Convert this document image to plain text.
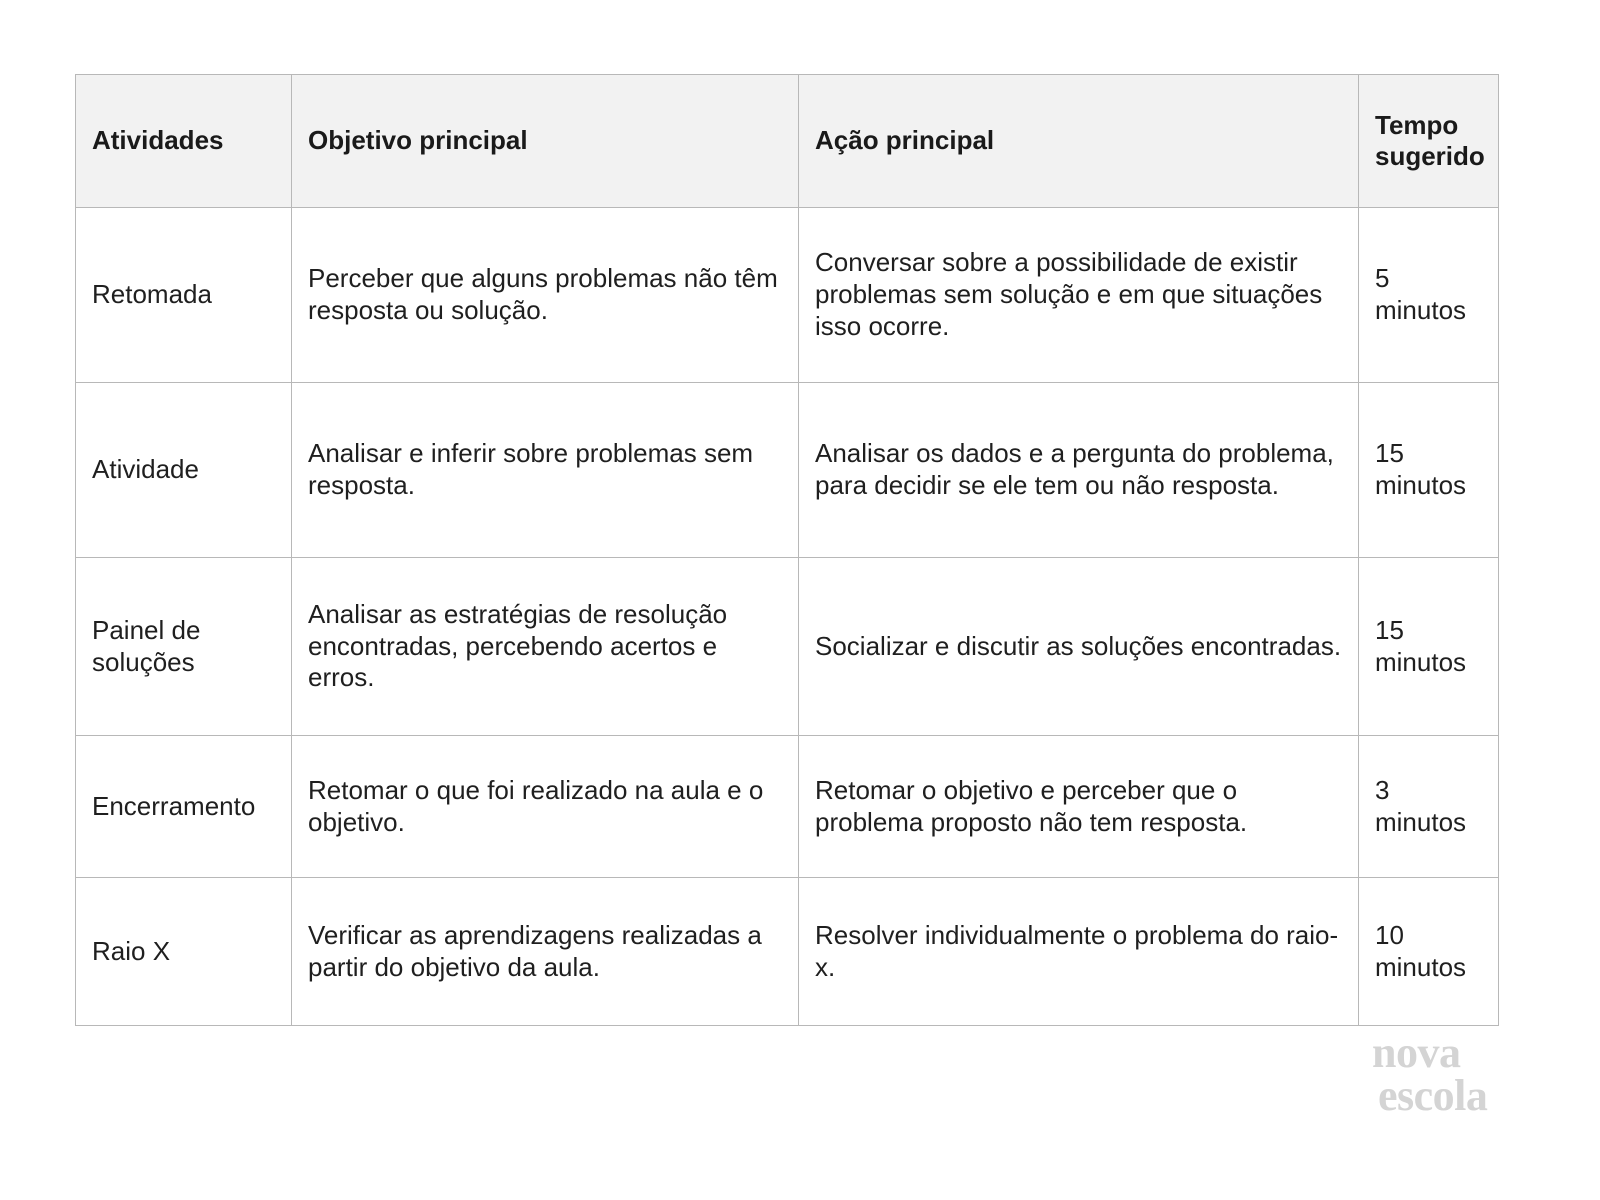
Atividades	Objetivo principal	Ação principal	Tempo sugerido
Retomada	Perceber que alguns problemas não têm resposta ou solução.	Conversar sobre a possibilidade de existir problemas sem solução e em que situações isso ocorre.	5 minutos
Atividade	Analisar e inferir sobre problemas sem resposta.	Analisar os dados e a pergunta do problema, para decidir se ele tem ou não resposta.	15 minutos
Painel de soluções	Analisar as estratégias de resolução encontradas, percebendo acertos e erros.	Socializar e discutir as soluções encontradas.	15 minutos
Encerramento	Retomar o que foi realizado na aula e o objetivo.	Retomar o objetivo e perceber que o problema proposto não tem resposta.	3 minutos
Raio X	Verificar as aprendizagens realizadas a partir do objetivo da aula.	Resolver individualmente o problema do raio-x.	10 minutos
nova
escola
